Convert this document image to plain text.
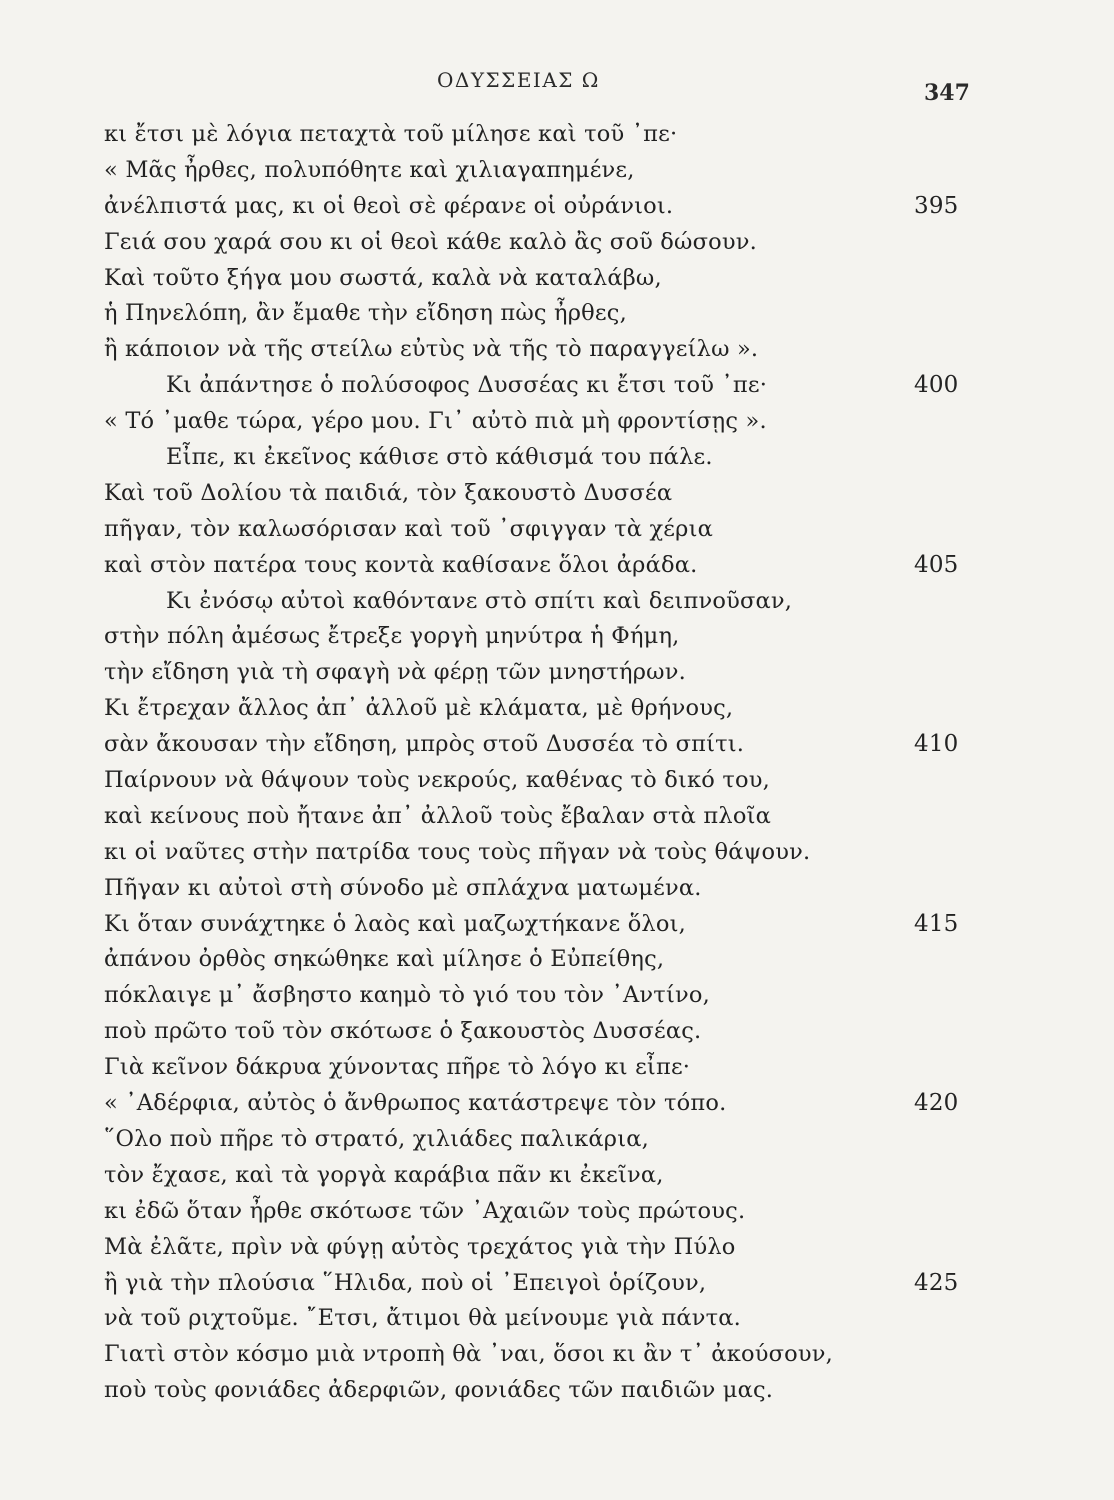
ΟΔΥΣΣΕΙΑΣ Ω	347
κι ἔτσι μὲ λόγια πεταχτὰ τοῦ μίλησε καὶ τοῦ ᾿πε·
« Μᾶς ἦρθες, πολυπόθητε καὶ χιλιαγαπημένε,
ἀνέλπιστά μας, κι οἱ θεοὶ σὲ φέρανε οἱ οὐράνιοι.	395
Γειά σου χαρά σου κι οἱ θεοὶ κάθε καλὸ ἂς σοῦ δώσουν.
Καὶ τοῦτο ξήγα μου σωστά, καλὰ νὰ καταλάβω,
ἡ Πηνελόπη, ἂν ἔμαθε τὴν εἴδηση πὼς ἦρθες,
ἢ κάποιον νὰ τῆς στείλω εὐτὺς νὰ τῆς τὸ παραγγείλω ».
Κι ἀπάντησε ὁ πολύσοφος Δυσσέας κι ἔτσι τοῦ ᾿πε·	400
« Τό ᾿μαθε τώρα, γέρο μου. Γι᾿ αὐτὸ πιὰ μὴ φροντίσῃς ».
Εἶπε, κι ἐκεῖνος κάθισε στὸ κάθισμά του πάλε.
Καὶ τοῦ Δολίου τὰ παιδιά, τὸν ξακουστὸ Δυσσέα
πῆγαν, τὸν καλωσόρισαν καὶ τοῦ ᾿σφιγγαν τὰ χέρια
καὶ στὸν πατέρα τους κοντὰ καθίσανε ὅλοι ἀράδα.	405
Κι ἐνόσῳ αὐτοὶ καθόντανε στὸ σπίτι καὶ δειπνοῦσαν,
στὴν πόλη ἀμέσως ἔτρεξε γοργὴ μηνύτρα ἡ Φήμη,
τὴν εἴδηση γιὰ τὴ σφαγὴ νὰ φέρῃ τῶν μνηστήρων.
Κι ἔτρεχαν ἄλλος ἀπ᾿ ἀλλοῦ μὲ κλάματα, μὲ θρήνους,
σὰν ἄκουσαν τὴν εἴδηση, μπρὸς στοῦ Δυσσέα τὸ σπίτι.	410
Παίρνουν νὰ θάψουν τοὺς νεκρούς, καθένας τὸ δικό του,
καὶ κείνους ποὺ ἤτανε ἀπ᾿ ἀλλοῦ τοὺς ἔβαλαν στὰ πλοῖα
κι οἱ ναῦτες στὴν πατρίδα τους τοὺς πῆγαν νὰ τοὺς θάψουν.
Πῆγαν κι αὐτοὶ στὴ σύνοδο μὲ σπλάχνα ματωμένα.
Κι ὅταν συνάχτηκε ὁ λαὸς καὶ μαζωχτήκανε ὅλοι,	415
ἀπάνου ὀρθὸς σηκώθηκε καὶ μίλησε ὁ Εὐπείθης,
πόκλαιγε μ᾿ ἄσβηστο καημὸ τὸ γιό του τὸν ᾿Αντίνο,
ποὺ πρῶτο τοῦ τὸν σκότωσε ὁ ξακουστὸς Δυσσέας.
Γιὰ κεῖνον δάκρυα χύνοντας πῆρε τὸ λόγο κι εἶπε·
« ᾿Αδέρφια, αὐτὸς ὁ ἄνθρωπος κατάστρεψε τὸν τόπο.	420
῞Ολο ποὺ πῆρε τὸ στρατό, χιλιάδες παλικάρια,
τὸν ἔχασε, καὶ τὰ γοργὰ καράβια πᾶν κι ἐκεῖνα,
κι ἐδῶ ὅταν ἦρθε σκότωσε τῶν ᾿Αχαιῶν τοὺς πρώτους.
Μὰ ἐλᾶτε, πρὶν νὰ φύγῃ αὐτὸς τρεχάτος γιὰ τὴν Πύλο
ἢ γιὰ τὴν πλούσια ῞Ηλιδα, ποὺ οἱ ᾿Επειγοὶ ὁρίζουν,	425
νὰ τοῦ ριχτοῦμε. ῎Ετσι, ἄτιμοι θὰ μείνουμε γιὰ πάντα.
Γιατὶ στὸν κόσμο μιὰ ντροπὴ θὰ ᾿ναι, ὅσοι κι ἂν τ᾿ ἀκούσουν,
ποὺ τοὺς φονιάδες ἀδερφιῶν, φονιάδες τῶν παιδιῶν μας.
